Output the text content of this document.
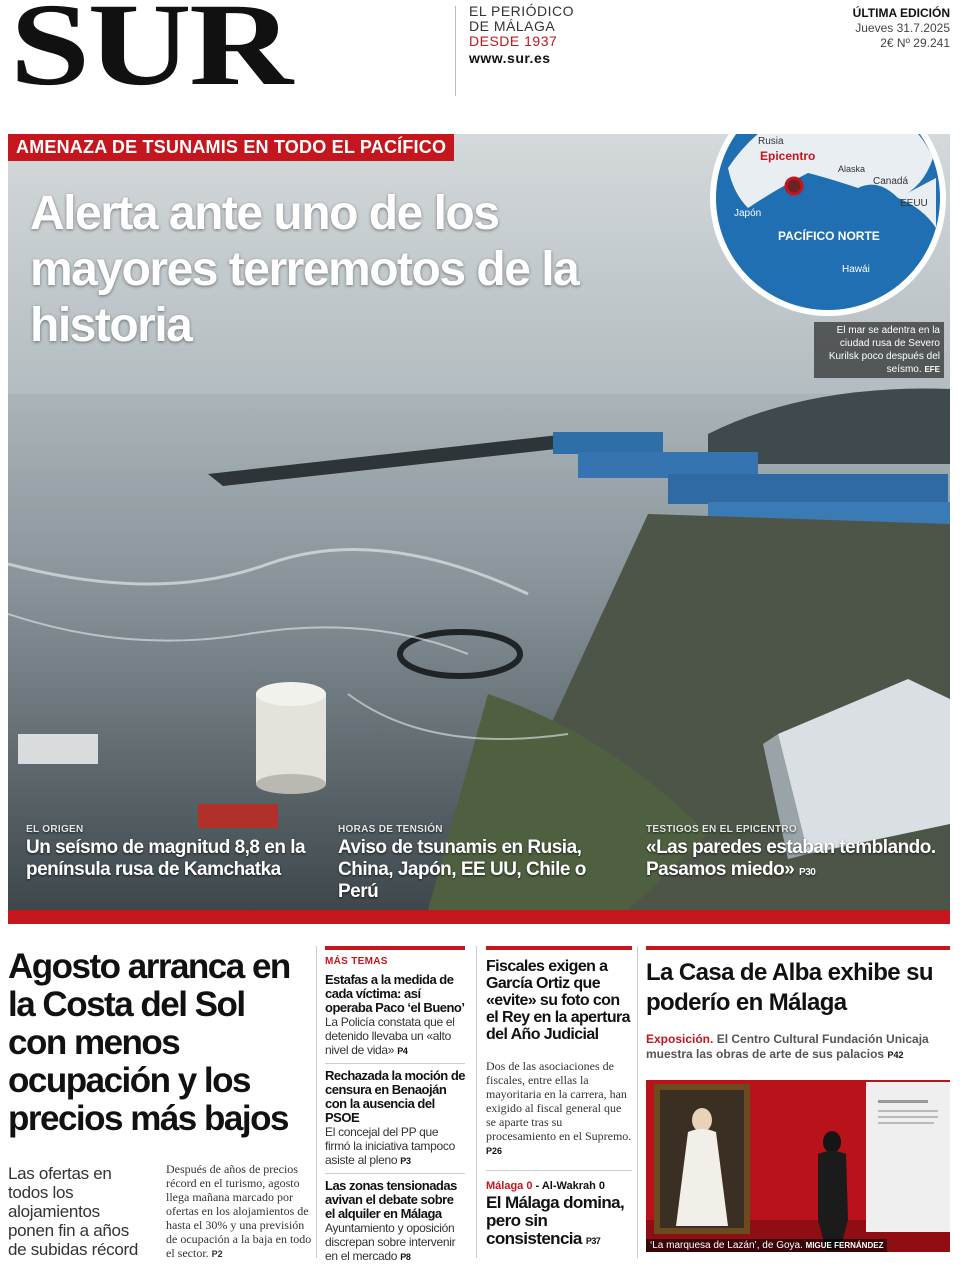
SUR	EL PERIÓDICO
DE MÁLAGA
DESDE 1937
www.sur.es
ÚLTIMA EDICIÓN
Jueves 31.7.2025
2€ Nº 29.241
AMENAZA DE TSUNAMIS EN TODO EL PACÍFICO
Alerta ante uno de los mayores terremotos de la historia
Rusia
Epicentro
Alaska
Canadá
Japón
EEUU
PACÍFICO NORTE
Hawái
El mar se adentra en la ciudad rusa de Severo Kurilsk poco después del seísmo. EFE
EL ORIGEN
Un seísmo de magnitud 8,8 en la península rusa de Kamchatka
HORAS DE TENSIÓN
Aviso de tsunamis en Rusia, China, Japón, EE UU, Chile o Perú
TESTIGOS EN EL EPICENTRO
«Las paredes estaban temblando. Pasamos miedo» P30
Agosto arranca en la Costa del Sol con menos ocupación y los precios más bajos
Las ofertas en todos los alojamientos ponen fin a años de subidas récord
Después de años de precios récord en el turismo, agosto llega mañana marcado por ofertas en los alojamientos de hasta el 30% y una previsión de ocupación a la baja en todo el sector. P2
MÁS TEMAS
Estafas a la medida de cada víctima: así operaba Paco ‘el Bueno’
La Policía constata que el detenido llevaba un «alto nivel de vida» P4
Rechazada la moción de censura en Benaoján con la ausencia del PSOE
El concejal del PP que firmó la iniciativa tampoco asiste al pleno P3
Las zonas tensionadas avivan el debate sobre el alquiler en Málaga
Ayuntamiento y oposición discrepan sobre intervenir en el mercado P8
Fiscales exigen a García Ortiz que «evite» su foto con el Rey en la apertura del Año Judicial
Dos de las asociaciones de fiscales, entre ellas la mayoritaria en la carrera, han exigido al fiscal general que se aparte tras su procesamiento en el Supremo. P26
Málaga 0 - Al-Wakrah 0
El Málaga domina, pero sin consistencia P37
La Casa de Alba exhibe su poderío en Málaga
Exposición. El Centro Cultural Fundación Unicaja muestra las obras de arte de sus palacios P42
‘La marquesa de Lazán’, de Goya. MIGUE FERNÁNDEZ
